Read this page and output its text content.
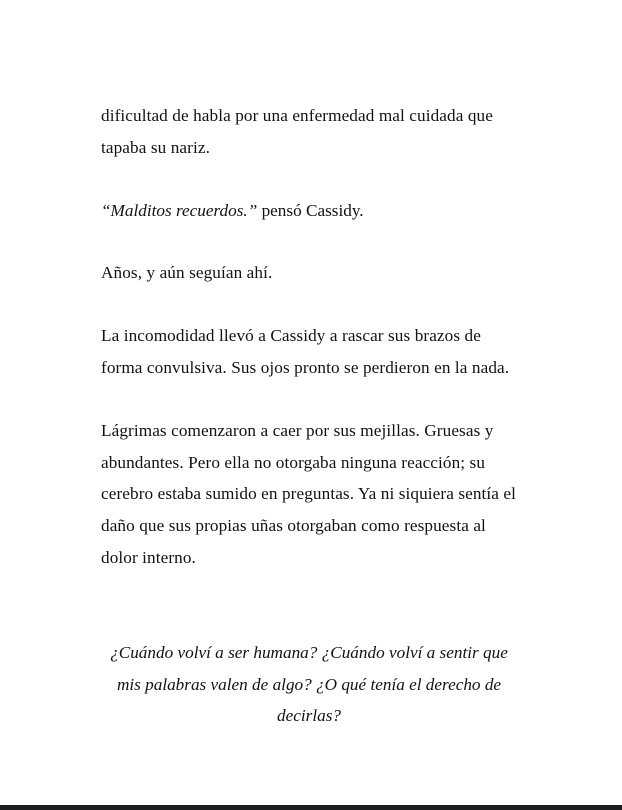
dificultad de habla por una enfermedad mal cuidada que tapaba su nariz.

“Malditos recuerdos.” pensó Cassidy.

Años, y aún seguían ahí.

La incomodidad llevó a Cassidy a rascar sus brazos de forma convulsiva. Sus ojos pronto se perdieron en la nada.

Lágrimas comenzaron a caer por sus mejillas. Gruesas y abundantes. Pero ella no otorgaba ninguna reacción; su cerebro estaba sumido en preguntas. Ya ni siquiera sentía el daño que sus propias uñas otorgaban como respuesta al dolor interno.

¿Cuándo volví a ser humana? ¿Cuándo volví a sentir que mis palabras valen de algo? ¿O qué tenía el derecho de decirlas?
